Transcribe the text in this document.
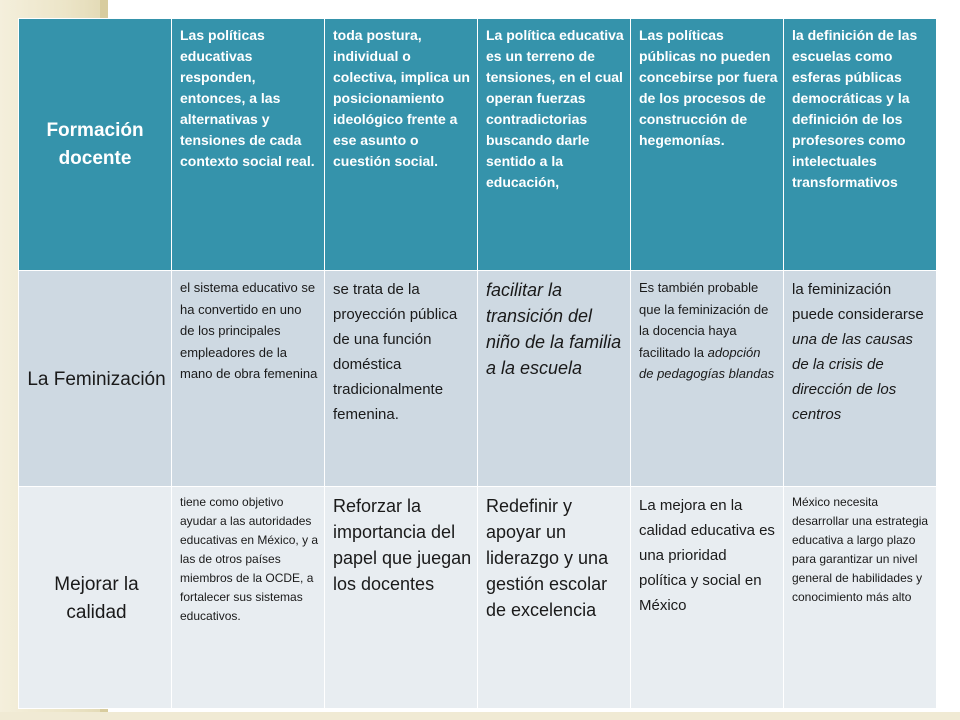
Formación docente	Las políticas educativas responden, entonces, a las alternativas y tensiones de cada contexto social real.	toda postura, individual o colectiva, implica un posicionamiento ideológico frente a ese asunto o cuestión social.	La política educativa es un terreno de tensiones, en el cual operan fuerzas contradictorias buscando darle sentido a la educación,	Las políticas públicas no pueden concebirse por fuera de los procesos de construcción de hegemonías.	la definición de las escuelas como esferas públicas democráticas y la definición de los profesores como intelectuales transformativos
La Feminización	el sistema educativo se ha convertido en uno de los principales empleadores de la mano de obra femenina	se trata de la proyección pública de una función doméstica tradicionalmente femenina.	facilitar la transición del niño de la familia a la escuela	Es también probable que la feminización de la docencia haya facilitado la adopción de pedagogías blandas	la feminización puede considerarse una de las causas de la crisis de dirección de los centros
Mejorar la calidad	tiene como objetivo ayudar a las autoridades educativas en México, y a las de otros países miembros de la OCDE, a fortalecer sus sistemas educativos.	Reforzar la importancia del papel que juegan los docentes	Redefinir y apoyar un liderazgo y una gestión escolar de excelencia	La mejora en la calidad educativa es una prioridad política y social en México	México necesita desarrollar una estrategia educativa a largo plazo para garantizar un nivel general de habilidades y conocimiento más alto
